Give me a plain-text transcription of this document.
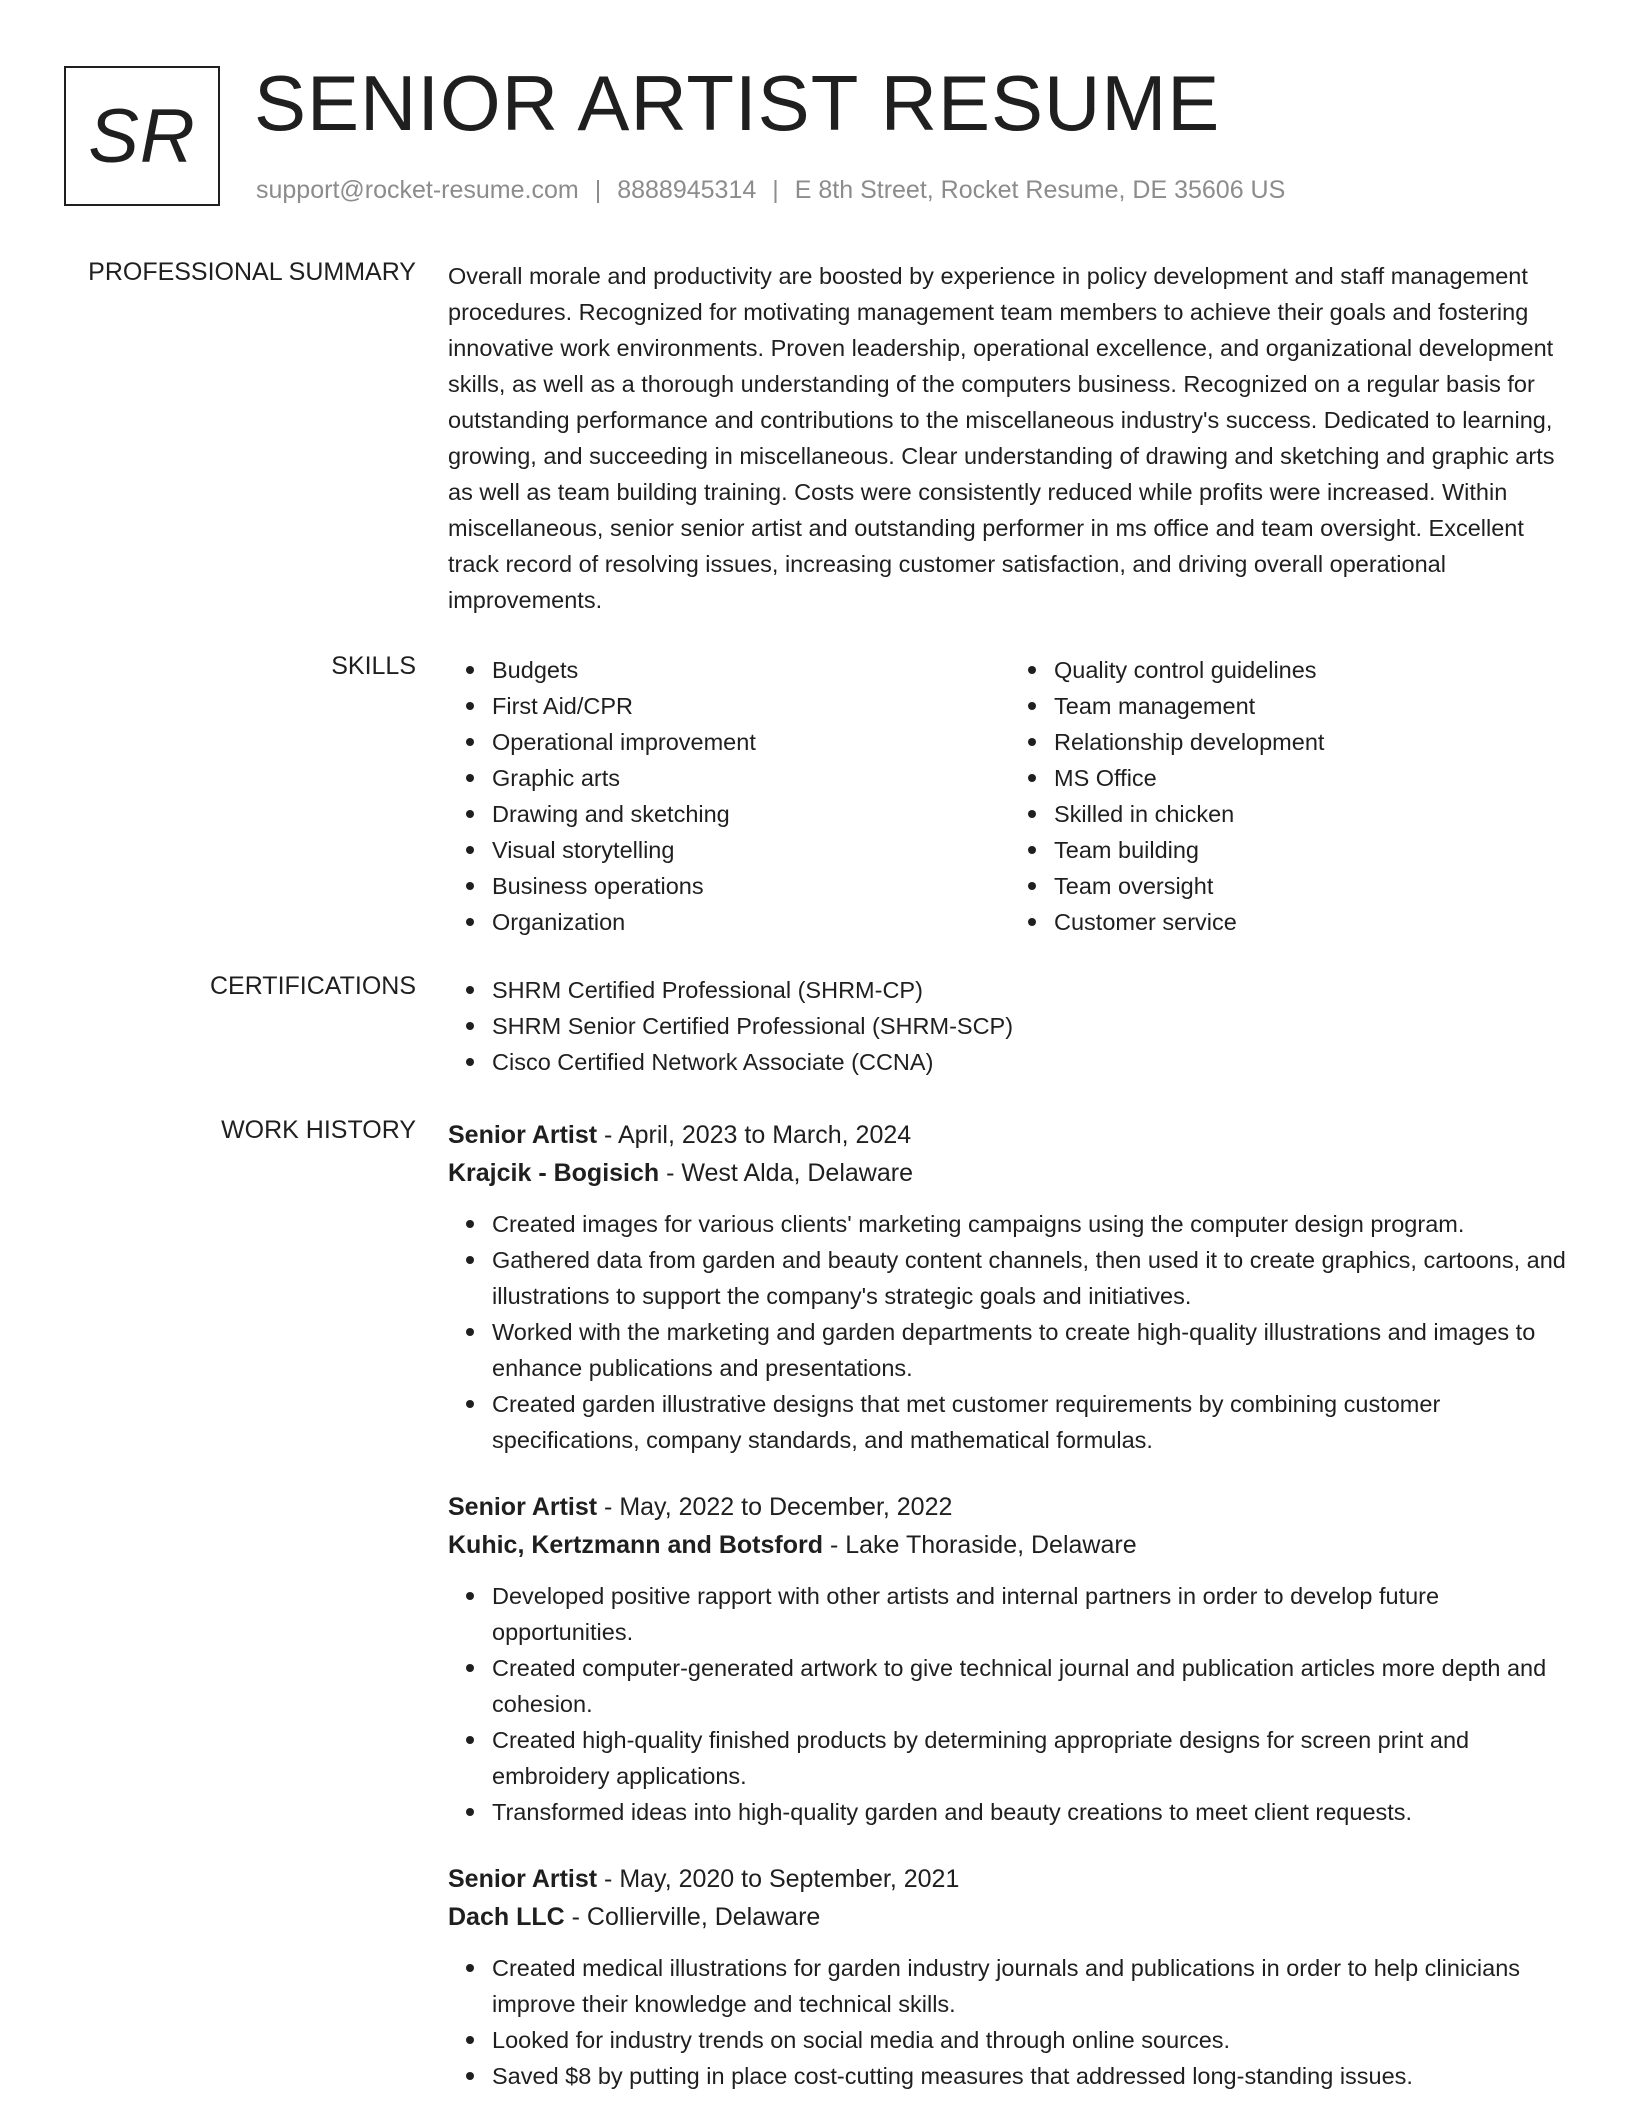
SR SENIOR ARTIST RESUME
support@rocket-resume.com | 8888945314 | E 8th Street, Rocket Resume, DE 35606 US
PROFESSIONAL SUMMARY Overall morale and productivity are boosted by experience in policy development and staff management procedures. Recognized for motivating management team members to achieve their goals and fostering innovative work environments. Proven leadership, operational excellence, and organizational development skills, as well as a thorough understanding of the computers business. Recognized on a regular basis for outstanding performance and contributions to the miscellaneous industry's success. Dedicated to learning, growing, and succeeding in miscellaneous. Clear understanding of drawing and sketching and graphic arts as well as team building training. Costs were consistently reduced while profits were increased. Within miscellaneous, senior senior artist and outstanding performer in ms office and team oversight. Excellent track record of resolving issues, increasing customer satisfaction, and driving overall operational improvements.
SKILLS	Budgets
First Aid/CPR
Operational improvement
Graphic arts
Drawing and sketching
Visual storytelling
Business operations
Organization
Quality control guidelines
Team management
Relationship development
MS Office
Skilled in chicken
Team building
Team oversight
Customer service
CERTIFICATIONS	SHRM Certified Professional (SHRM-CP)
SHRM Senior Certified Professional (SHRM-SCP)
Cisco Certified Network Associate (CCNA)
WORK HISTORY Senior Artist - April, 2023 to March, 2024
Krajcik - Bogisich - West Alda, Delaware
Created images for various clients' marketing campaigns using the computer design program.
Gathered data from garden and beauty content channels, then used it to create graphics, cartoons, and illustrations to support the company's strategic goals and initiatives.
Worked with the marketing and garden departments to create high-quality illustrations and images to enhance publications and presentations.
Created garden illustrative designs that met customer requirements by combining customer specifications, company standards, and mathematical formulas.
Senior Artist - May, 2022 to December, 2022
Kuhic, Kertzmann and Botsford - Lake Thoraside, Delaware
Developed positive rapport with other artists and internal partners in order to develop future opportunities.
Created computer-generated artwork to give technical journal and publication articles more depth and cohesion.
Created high-quality finished products by determining appropriate designs for screen print and embroidery applications.
Transformed ideas into high-quality garden and beauty creations to meet client requests.
Senior Artist - May, 2020 to September, 2021
Dach LLC - Collierville, Delaware
Created medical illustrations for garden industry journals and publications in order to help clinicians improve their knowledge and technical skills.
Looked for industry trends on social media and through online sources.
Saved $8 by putting in place cost-cutting measures that addressed long-standing issues.
